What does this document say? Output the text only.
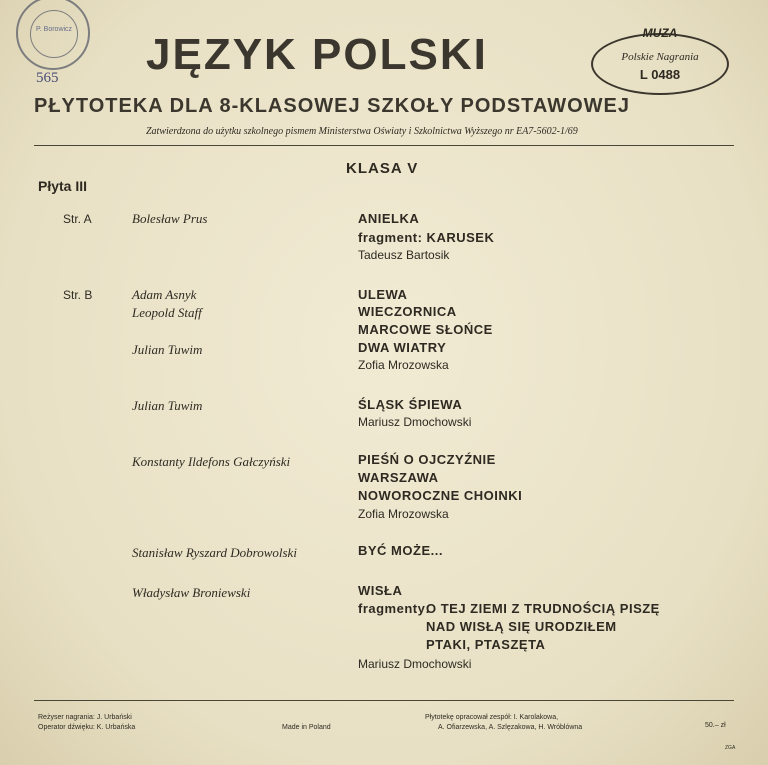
P. Borowicz
565 JĘZYK POLSKI	MUZA
Polskie Nagrania
L 0488
PŁYTOTEKA DLA 8-KLASOWEJ SZKOŁY PODSTAWOWEJ
Zatwierdzona do użytku szkolnego pismem Ministerstwa Oświaty i Szkolnictwa Wyższego nr EA7-5602-1/69
KLASA V
Płyta III
Str. A	Bolesław Prus	ANIELKA
fragment: KARUSEK
Tadeusz Bartosik
Str. B	Adam Asnyk	ULEWA
Leopold Staff	WIECZORNICA
MARCOWE SŁOŃCE
Julian Tuwim	DWA WIATRY
Zofia Mrozowska
Julian Tuwim	ŚLĄSK ŚPIEWA
Mariusz Dmochowski
Konstanty Ildefons Gałczyński	PIEŚŃ O OJCZYŹNIE
WARSZAWA
NOWOROCZNE CHOINKI
Zofia Mrozowska
Stanisław Ryszard Dobrowolski	BYĆ MOŻE...
Władysław Broniewski	WISŁA
fragmenty:
O TEJ ZIEMI Z TRUDNOŚCIĄ PISZĘ
NAD WISŁĄ SIĘ URODZIŁEM
PTAKI, PTASZĘTA
Mariusz Dmochowski
Reżyser nagrania: J. Urbański
Operator dźwięku: K. Urbańska	Made in Poland
Płytotekę opracował zespół: I. Karolakowa,
A. Ofiarzewska, A. Szlęzakowa, H. Wróblówna	50.– zł
ZGA
